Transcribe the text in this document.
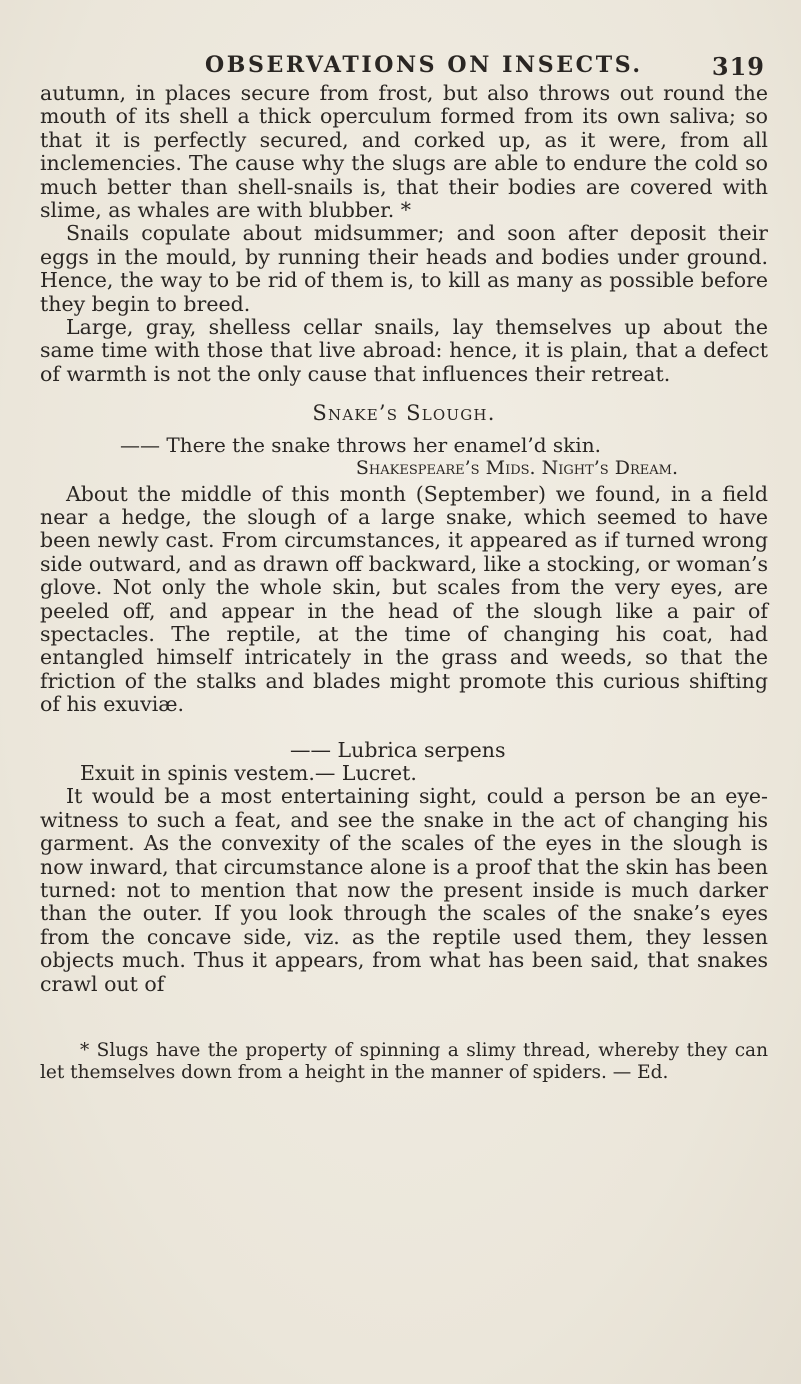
OBSERVATIONS ON INSECTS.	319

autumn, in places secure from frost, but also throws out round the mouth of its shell a thick operculum formed from its own saliva; so that it is perfectly secured, and corked up, as it were, from all inclemencies. The cause why the slugs are able to endure the cold so much better than shell-snails is, that their bodies are covered with slime, as whales are with blubber. *

Snails copulate about midsummer; and soon after deposit their eggs in the mould, by running their heads and bodies under ground. Hence, the way to be rid of them is, to kill as many as possible before they begin to breed.

Large, gray, shelless cellar snails, lay themselves up about the same time with those that live abroad: hence, it is plain, that a defect of warmth is not the only cause that influences their retreat.

Snake’s Slough.
—— There the snake throws her enamel’d skin.
Shakespeare’s Mids. Night’s Dream.

About the middle of this month (September) we found, in a field near a hedge, the slough of a large snake, which seemed to have been newly cast. From circumstances, it appeared as if turned wrong side outward, and as drawn off backward, like a stocking, or woman’s glove. Not only the whole skin, but scales from the very eyes, are peeled off, and appear in the head of the slough like a pair of spectacles. The reptile, at the time of changing his coat, had entangled himself intricately in the grass and weeds, so that the friction of the stalks and blades might promote this curious shifting of his exuviæ.

—— Lubrica serpens
Exuit in spinis vestem.— Lucret.

It would be a most entertaining sight, could a person be an eye-witness to such a feat, and see the snake in the act of changing his garment. As the convexity of the scales of the eyes in the slough is now inward, that circumstance alone is a proof that the skin has been turned: not to mention that now the present inside is much darker than the outer. If you look through the scales of the snake’s eyes from the concave side, viz. as the reptile used them, they lessen objects much. Thus it appears, from what has been said, that snakes crawl out of

* Slugs have the property of spinning a slimy thread, whereby they can let themselves down from a height in the manner of spiders. — Ed.
